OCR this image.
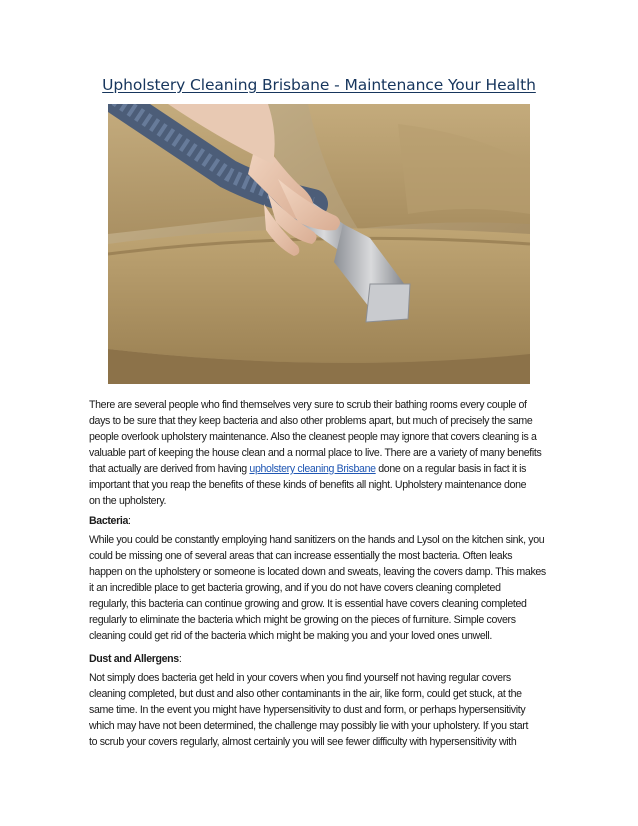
Upholstery Cleaning Brisbane - Maintenance Your Health
There are several people who find themselves very sure to scrub their bathing rooms every couple of
days to be sure that they keep bacteria and also other problems apart, but much of precisely the same
people overlook upholstery maintenance. Also the cleanest people may ignore that covers cleaning is a
valuable part of keeping the house clean and a normal place to live. There are a variety of many benefits
that actually are derived from having upholstery cleaning Brisbane done on a regular basis in fact it is
important that you reap the benefits of these kinds of benefits all night. Upholstery maintenance done
on the upholstery.
Bacteria:
While you could be constantly employing hand sanitizers on the hands and Lysol on the kitchen sink, you
could be missing one of several areas that can increase essentially the most bacteria. Often leaks
happen on the upholstery or someone is located down and sweats, leaving the covers damp. This makes
it an incredible place to get bacteria growing, and if you do not have covers cleaning completed
regularly, this bacteria can continue growing and grow. It is essential have covers cleaning completed
regularly to eliminate the bacteria which might be growing on the pieces of furniture. Simple covers
cleaning could get rid of the bacteria which might be making you and your loved ones unwell.
Dust and Allergens:
Not simply does bacteria get held in your covers when you find yourself not having regular covers
cleaning completed, but dust and also other contaminants in the air, like form, could get stuck, at the
same time. In the event you might have hypersensitivity to dust and form, or perhaps hypersensitivity
which may have not been determined, the challenge may possibly lie with your upholstery. If you start
to scrub your covers regularly, almost certainly you will see fewer difficulty with hypersensitivity with
